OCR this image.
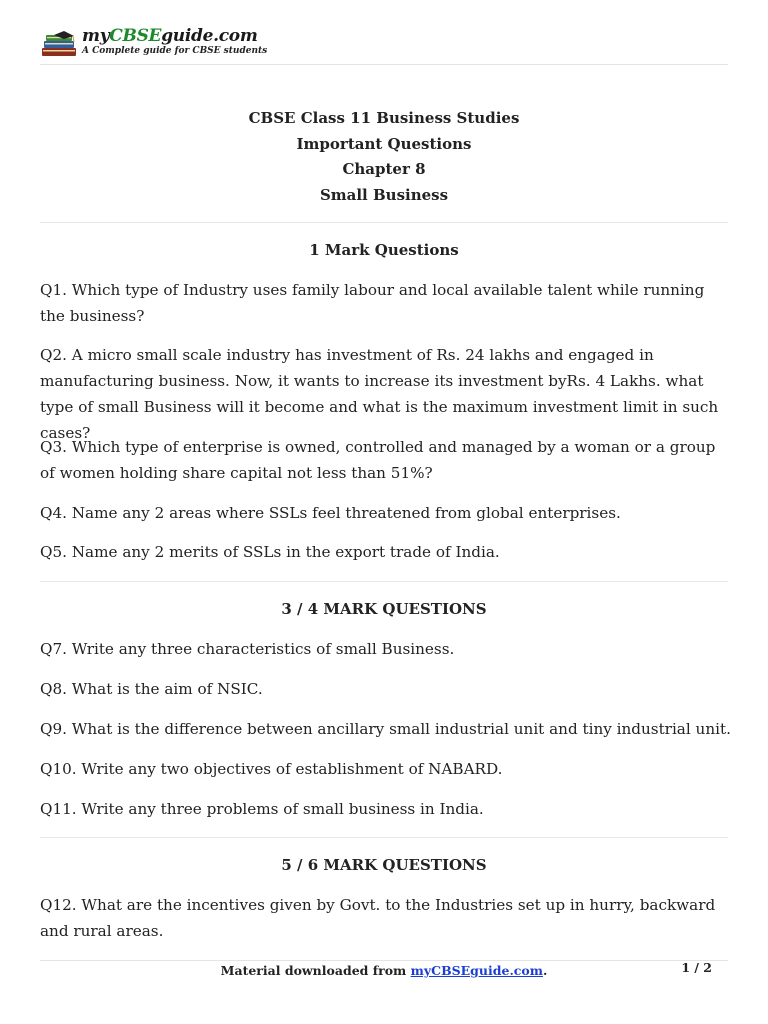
myCBSEguide.com
A Complete guide for CBSE students
CBSE Class 11 Business Studies
Important Questions
Chapter 8
Small Business
1 Mark Questions
Q1. Which type of Industry uses family labour and local available talent while running the business?
Q2. A micro small scale industry has investment of Rs. 24 lakhs and engaged in manufacturing business. Now, it wants to increase its investment byRs. 4 Lakhs. what type of small Business will it become and what is the maximum investment limit in such cases?
Q3. Which type of enterprise is owned, controlled and managed by a woman or a group of women holding share capital not less than 51%?
Q4. Name any 2 areas where SSLs feel threatened from global enterprises.
Q5. Name any 2 merits of SSLs in the export trade of India.
3 / 4 MARK QUESTIONS
Q7. Write any three characteristics of small Business.
Q8. What is the aim of NSIC.
Q9. What is the difference between ancillary small industrial unit and tiny industrial unit.
Q10. Write any two objectives of establishment of NABARD.
Q11. Write any three problems of small business in India.
5 / 6 MARK QUESTIONS
Q12. What are the incentives given by Govt. to the Industries set up in hurry, backward and rural areas.
Material downloaded from myCBSEguide.com.	1 / 2
